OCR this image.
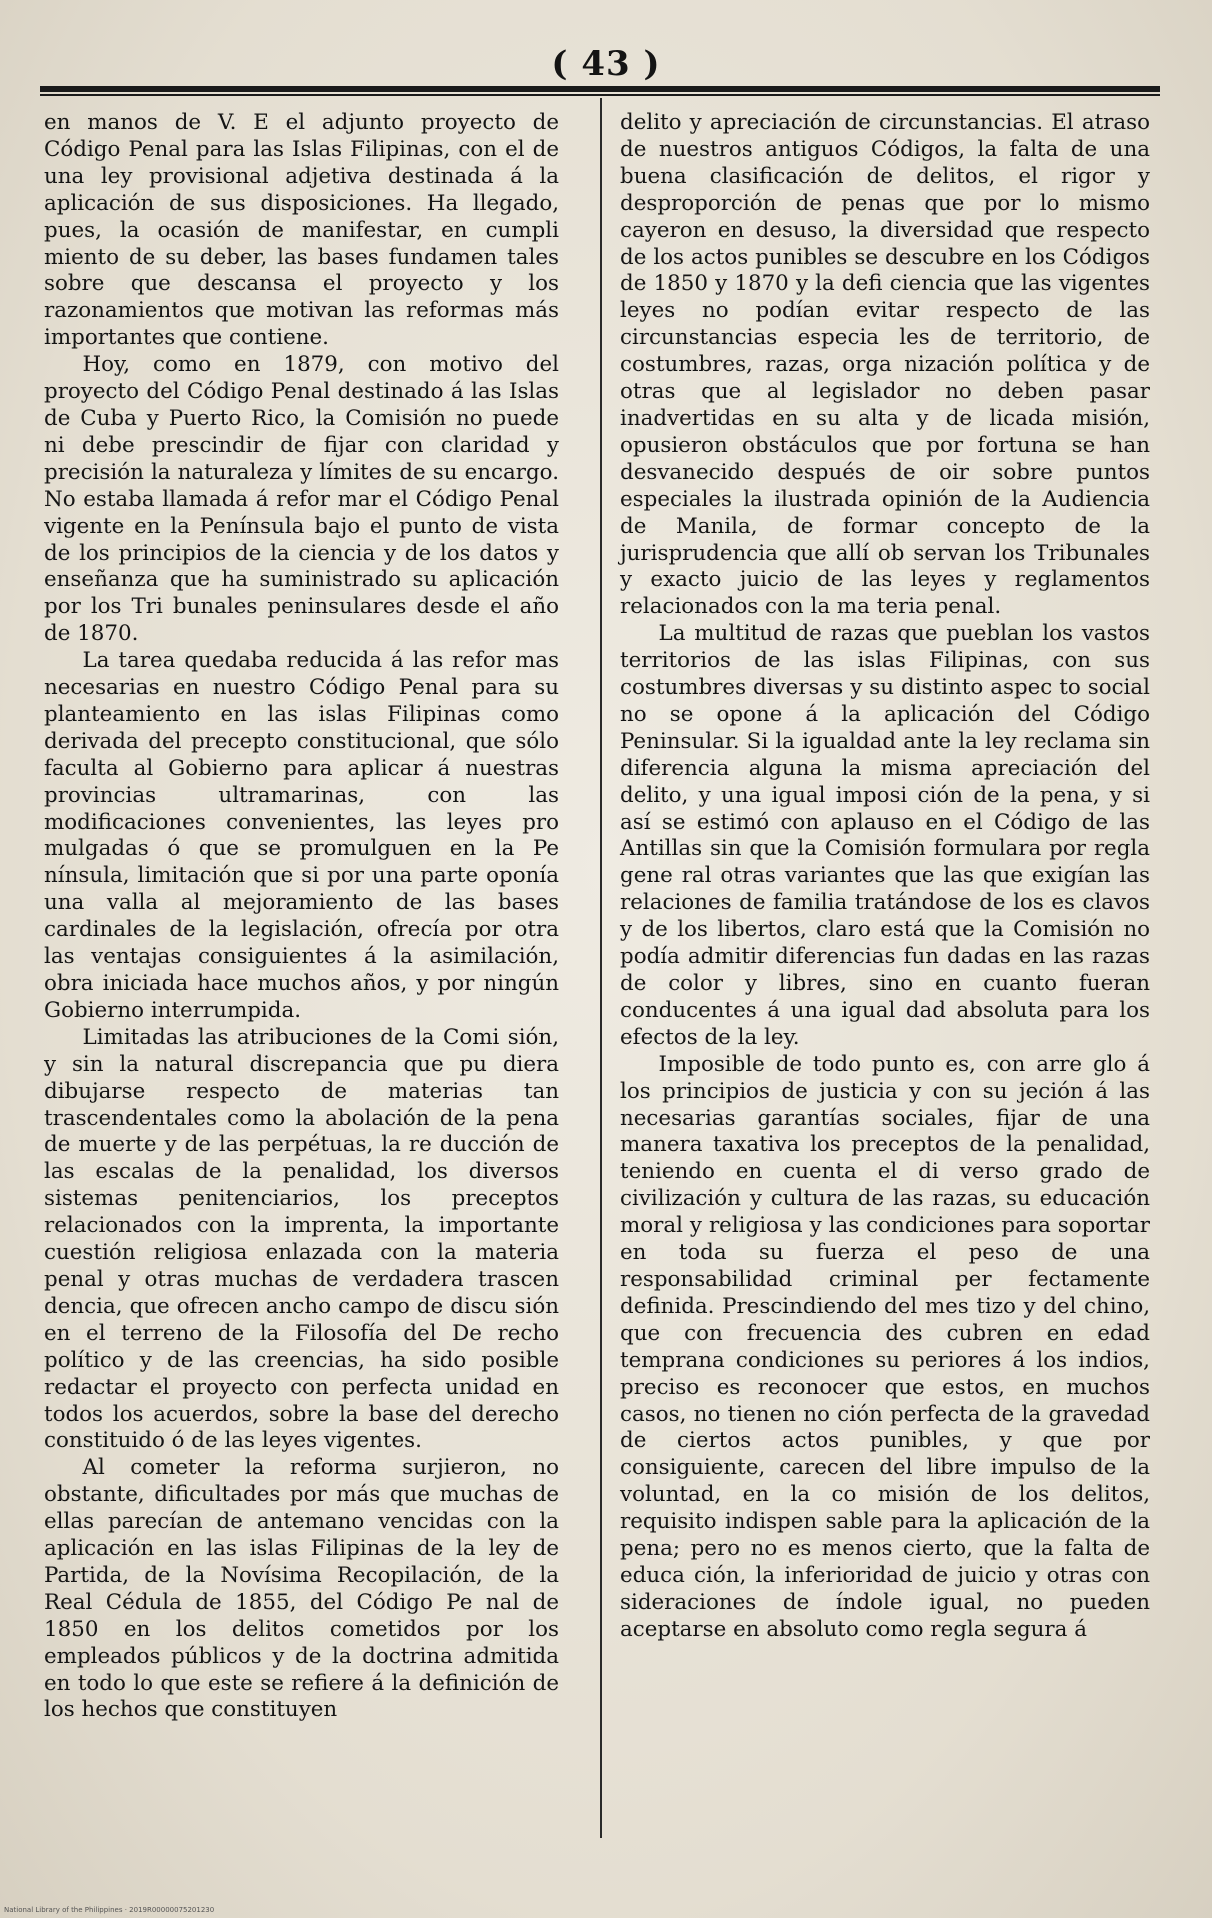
( 43 )

en manos de V. E el adjunto proyecto de Código Penal para las Islas Filipinas, con el de una ley provisional adjetiva destinada á la aplicación de sus disposiciones. Ha llegado, pues, la ocasión de manifestar, en cumpli miento de su deber, las bases fundamen tales sobre que descansa el proyecto y los razonamientos que motivan las reformas más importantes que contiene.

Hoy, como en 1879, con motivo del proyecto del Código Penal destinado á las Islas de Cuba y Puerto Rico, la Comisión no puede ni debe prescindir de fijar con claridad y precisión la naturaleza y límites de su encargo. No estaba llamada á refor mar el Código Penal vigente en la Península bajo el punto de vista de los principios de la ciencia y de los datos y enseñanza que ha suministrado su aplicación por los Tri bunales peninsulares desde el año de 1870.

La tarea quedaba reducida á las refor mas necesarias en nuestro Código Penal para su planteamiento en las islas Filipinas como derivada del precepto constitucional, que sólo faculta al Gobierno para aplicar á nuestras provincias ultramarinas, con las modificaciones convenientes, las leyes pro mulgadas ó que se promulguen en la Pe nínsula, limitación que si por una parte oponía una valla al mejoramiento de las bases cardinales de la legislación, ofrecía por otra las ventajas consiguientes á la asimilación, obra iniciada hace muchos años, y por ningún Gobierno interrumpida.

Limitadas las atribuciones de la Comi sión, y sin la natural discrepancia que pu diera dibujarse respecto de materias tan trascendentales como la abolación de la pena de muerte y de las perpétuas, la re ducción de las escalas de la penalidad, los diversos sistemas penitenciarios, los preceptos relacionados con la imprenta, la importante cuestión religiosa enlazada con la materia penal y otras muchas de verdadera trascen dencia, que ofrecen ancho campo de discu sión en el terreno de la Filosofía del De recho político y de las creencias, ha sido posible redactar el proyecto con perfecta unidad en todos los acuerdos, sobre la base del derecho constituido ó de las leyes vigentes.

Al cometer la reforma surjieron, no obstante, dificultades por más que muchas de ellas parecían de antemano vencidas con la aplicación en las islas Filipinas de la ley de Partida, de la Novísima Recopilación, de la Real Cédula de 1855, del Código Pe nal de 1850 en los delitos cometidos por los empleados públicos y de la doctrina admitida en todo lo que este se refiere á la definición de los hechos que constituyen

delito y apreciación de circunstancias. El atraso de nuestros antiguos Códigos, la falta de una buena clasificación de delitos, el rigor y desproporción de penas que por lo mismo cayeron en desuso, la diversidad que respecto de los actos punibles se descubre en los Códigos de 1850 y 1870 y la defi ciencia que las vigentes leyes no podían evitar respecto de las circunstancias especia les de territorio, de costumbres, razas, orga nización política y de otras que al legislador no deben pasar inadvertidas en su alta y de licada misión, opusieron obstáculos que por fortuna se han desvanecido después de oir sobre puntos especiales la ilustrada opinión de la Audiencia de Manila, de formar concepto de la jurisprudencia que allí ob servan los Tribunales y exacto juicio de las leyes y reglamentos relacionados con la ma teria penal.

La multitud de razas que pueblan los vastos territorios de las islas Filipinas, con sus costumbres diversas y su distinto aspec to social no se opone á la aplicación del Código Peninsular. Si la igualdad ante la ley reclama sin diferencia alguna la misma apreciación del delito, y una igual imposi ción de la pena, y si así se estimó con aplauso en el Código de las Antillas sin que la Comisión formulara por regla gene ral otras variantes que las que exigían las relaciones de familia tratándose de los es clavos y de los libertos, claro está que la Comisión no podía admitir diferencias fun dadas en las razas de color y libres, sino en cuanto fueran conducentes á una igual dad absoluta para los efectos de la ley.

Imposible de todo punto es, con arre glo á los principios de justicia y con su jeción á las necesarias garantías sociales, fijar de una manera taxativa los preceptos de la penalidad, teniendo en cuenta el di verso grado de civilización y cultura de las razas, su educación moral y religiosa y las condiciones para soportar en toda su fuerza el peso de una responsabilidad criminal per fectamente definida. Prescindiendo del mes tizo y del chino, que con frecuencia des cubren en edad temprana condiciones su periores á los indios, preciso es reconocer que estos, en muchos casos, no tienen no ción perfecta de la gravedad de ciertos actos punibles, y que por consiguiente, carecen del libre impulso de la voluntad, en la co misión de los delitos, requisito indispen sable para la aplicación de la pena; pero no es menos cierto, que la falta de educa ción, la inferioridad de juicio y otras con sideraciones de índole igual, no pueden aceptarse en absoluto como regla segura á

National Library of the Philippines · 2019R00000075201230
